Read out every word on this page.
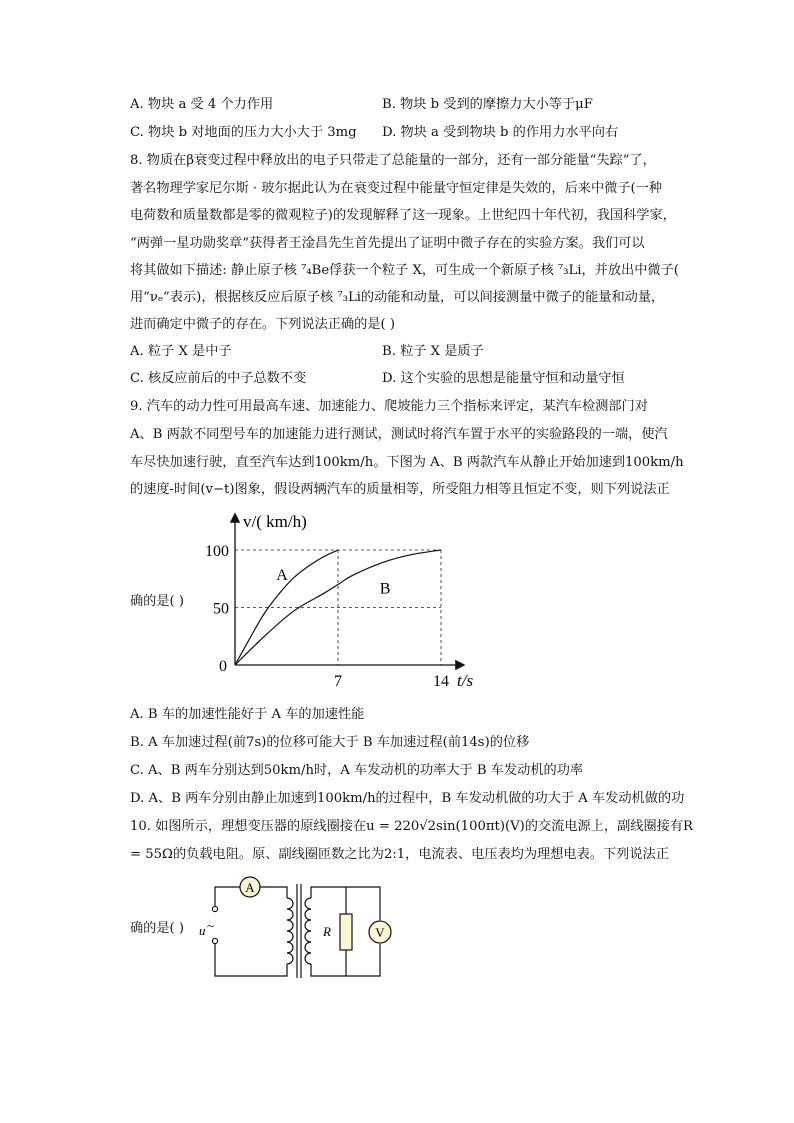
A. 物块 a 受 4 个力作用	B. 物块 b 受到的摩擦力大小等于μF
C. 物块 b 对地面的压力大小大于 3mg D. 物块 a 受到物块 b 的作用力水平向右
8. 物质在β衰变过程中释放出的电子只带走了总能量的一部分，还有一部分能量“失踪”了，
著名物理学家尼尔斯 · 玻尔据此认为在衰变过程中能量守恒定律是失效的，后来中微子(一种
电荷数和质量数都是零的微观粒子)的发现解释了这一现象。上世纪四十年代初，我国科学家，
“两弹一星功勋奖章”获得者王淦昌先生首先提出了证明中微子存在的实验方案。我们可以
将其做如下描述: 静止原子核 ⁷₄Be俘获一个粒子 X，可生成一个新原子核 ⁷₃Li，并放出中微子(
用“νₑ”表示)，根据核反应后原子核 ⁷₃Li的动能和动量，可以间接测量中微子的能量和动量，
进而确定中微子的存在。下列说法正确的是( )
A. 粒子 X 是中子	B. 粒子 X 是质子
C. 核反应前后的中子总数不变	D. 这个实验的思想是能量守恒和动量守恒
9. 汽车的动力性可用最高车速、加速能力、爬坡能力三个指标来评定，某汽车检测部门对
A、B 两款不同型号车的加速能力进行测试，测试时将汽车置于水平的实验路段的一端，使汽
车尽快加速行驶，直至汽车达到100km/h。下图为 A、B 两款汽车从静止开始加速到100km/h
的速度-时间(v−t)图象，假设两辆汽车的质量相等，所受阻力相等且恒定不变，则下列说法正
确的是( ) 50
100
7	14
A
B
v/( km/h)
t/s
0
A. B 车的加速性能好于 A 车的加速性能
B. A 车加速过程(前7s)的位移可能大于 B 车加速过程(前14s)的位移
C. A、B 两车分别达到50km/h时，A 车发动机的功率大于 B 车发动机的功率
D. A、B 两车分别由静止加速到100km/h的过程中，B 车发动机做的功大于 A 车发动机做的功
10. 如图所示，理想变压器的原线圈接在u = 220√2sin(100πt)(V)的交流电源上，副线圈接有R
= 55Ω的负载电阻。原、副线圈匝数之比为2:1，电流表、电压表均为理想电表。下列说法正
确的是( ) u ~
A
R	V
